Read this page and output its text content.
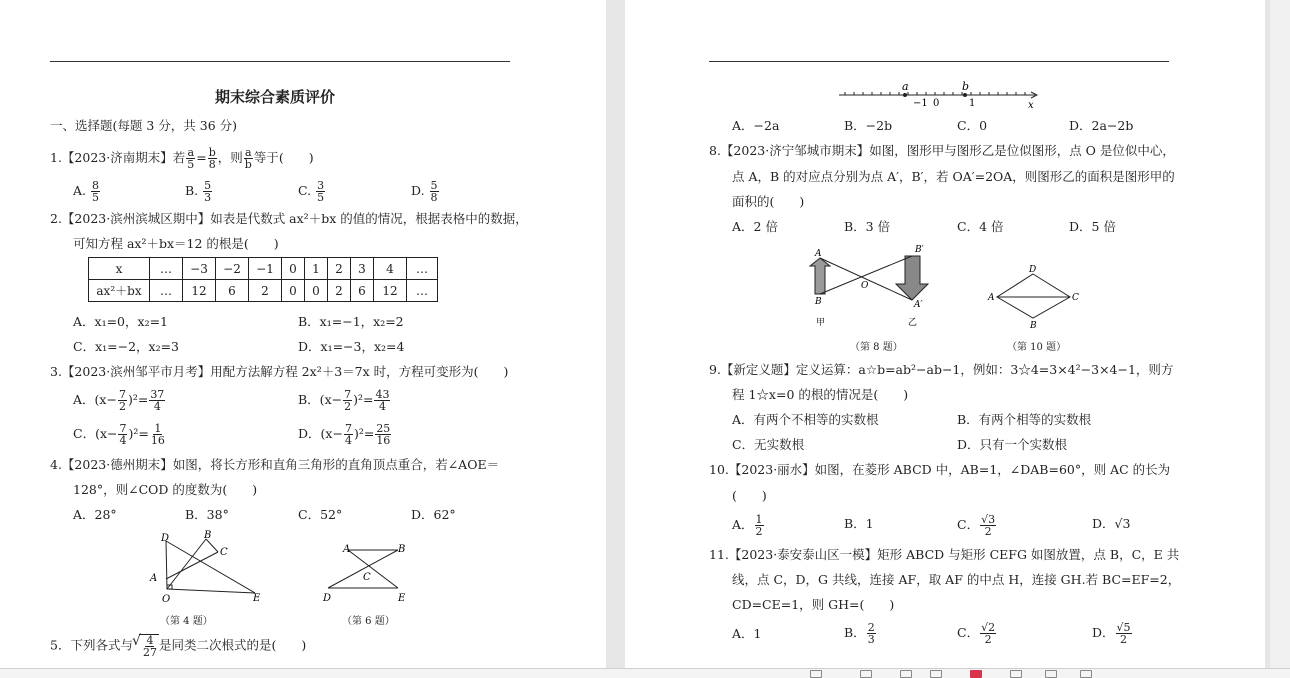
期末综合素质评价
一、选择题(每题 3 分，共 36 分)
1.【2023·济南期末】若 $\frac{a}{5} = \frac{b}{8}$ ，则 $\frac{a}{b}$ 等于(　　)
A. $\frac{8}{5}$	B. $\frac{5}{3}$	C. $\frac{3}{5}$	D. $\frac{5}{8}$
2.【2023·滨州滨城区期中】如表是代数式 ax²＋bx 的值的情况，根据表格中的数据，
可知方程 ax²＋bx＝12 的根是(　　)
x	…	−3	−2	−1	0	1	2	3	4	…
ax²＋bx	…	12	6	2	0	0	2	6	12	…
A．x₁=0，x₂=1	B．x₁=−1，x₂=2
C．x₁=−2，x₂=3	D．x₁=−3，x₂=4
3.【2023·滨州邹平市月考】用配方法解方程 2x²＋3＝7x 时，方程可变形为(　　)
A．$(x- \frac{7}{2} )^2= \frac{37}{4}$	B．$(x- \frac{7}{2} )^2= \frac{43}{4}$
C．$(x- \frac{7}{4} )^2= \frac{1}{16}$	D．$(x- \frac{7}{4} )^2= \frac{25}{16}$
4.【2023·德州期末】如图，将长方形和直角三角形的直角顶点重合，若∠AOE＝
128°，则∠COD 的度数为(　　)
A．28°	B．38°	C．52°	D．62°
D	B
C
A
O	E
（第 4 题）
A	B
C
D	E
（第 6 题）
5．下列各式与 √ $\frac{4}{27}$ 是同类二次根式的是(　　)
a	b
−1 0	1	x
A．−2a	B．−2b	C．0	D．2a−2b
8.【2023·济宁邹城市期末】如图，图形甲与图形乙是位似图形，点 O 是位似中心，
点 A，B 的对应点分别为点 A′，B′，若 OA′=2OA，则图形乙的面积是图形甲的
面积的(　　)
A．2 倍	B．3 倍	C．4 倍	D．5 倍
A
B
O
B′
A′
甲	乙
（第 8 题）
D
A	C
B
（第 10 题）
9.【新定义题】定义运算：a☆b=ab²−ab−1，例如：3☆4=3×4²−3×4−1，则方
程 1☆x=0 的根的情况是(　　)
A．有两个不相等的实数根	B．有两个相等的实数根
C．无实数根	D．只有一个实数根
10.【2023·丽水】如图，在菱形 ABCD 中，AB=1，∠DAB=60°，则 AC 的长为
(　　)
A． $\frac{1}{2}$	B．1	C． $\frac{√3}{2}$	D．√3
11.【2023·泰安泰山区一模】矩形 ABCD 与矩形 CEFG 如图放置，点 B，C，E 共
线，点 C，D，G 共线，连接 AF，取 AF 的中点 H，连接 GH.若 BC=EF=2，
CD=CE=1，则 GH=(　　)
A．1	B． $\frac{2}{3}$	C． $\frac{√2}{2}$	D． $\frac{√5}{2}$
